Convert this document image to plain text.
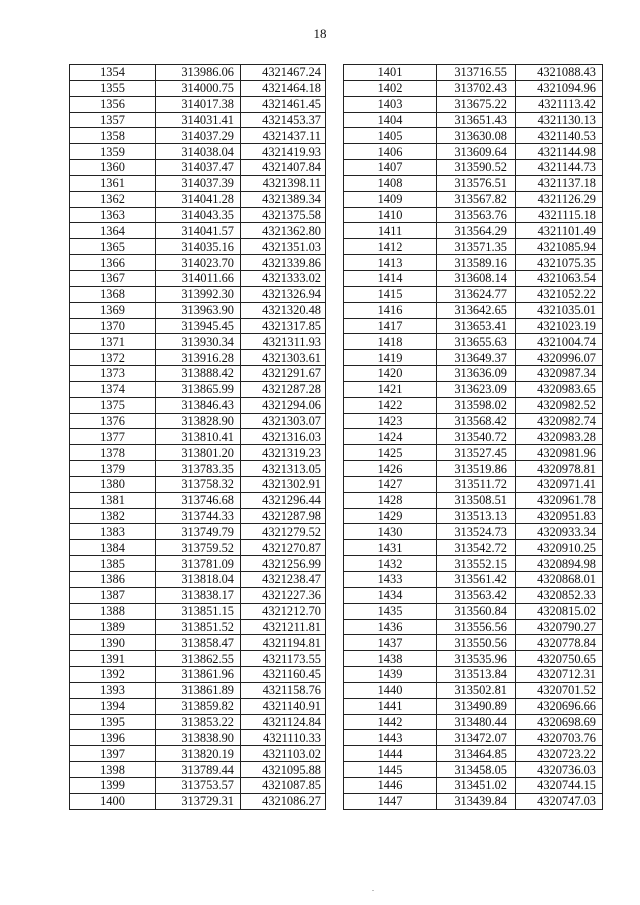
18
1354	313986.06	4321467.24
1355	314000.75	4321464.18
1356	314017.38	4321461.45
1357	314031.41	4321453.37
1358	314037.29	4321437.11
1359	314038.04	4321419.93
1360	314037.47	4321407.84
1361	314037.39	4321398.11
1362	314041.28	4321389.34
1363	314043.35	4321375.58
1364	314041.57	4321362.80
1365	314035.16	4321351.03
1366	314023.70	4321339.86
1367	314011.66	4321333.02
1368	313992.30	4321326.94
1369	313963.90	4321320.48
1370	313945.45	4321317.85
1371	313930.34	4321311.93
1372	313916.28	4321303.61
1373	313888.42	4321291.67
1374	313865.99	4321287.28
1375	313846.43	4321294.06
1376	313828.90	4321303.07
1377	313810.41	4321316.03
1378	313801.20	4321319.23
1379	313783.35	4321313.05
1380	313758.32	4321302.91
1381	313746.68	4321296.44
1382	313744.33	4321287.98
1383	313749.79	4321279.52
1384	313759.52	4321270.87
1385	313781.09	4321256.99
1386	313818.04	4321238.47
1387	313838.17	4321227.36
1388	313851.15	4321212.70
1389	313851.52	4321211.81
1390	313858.47	4321194.81
1391	313862.55	4321173.55
1392	313861.96	4321160.45
1393	313861.89	4321158.76
1394	313859.82	4321140.91
1395	313853.22	4321124.84
1396	313838.90	4321110.33
1397	313820.19	4321103.02
1398	313789.44	4321095.88
1399	313753.57	4321087.85
1400	313729.31	4321086.27
1401	313716.55	4321088.43
1402	313702.43	4321094.96
1403	313675.22	4321113.42
1404	313651.43	4321130.13
1405	313630.08	4321140.53
1406	313609.64	4321144.98
1407	313590.52	4321144.73
1408	313576.51	4321137.18
1409	313567.82	4321126.29
1410	313563.76	4321115.18
1411	313564.29	4321101.49
1412	313571.35	4321085.94
1413	313589.16	4321075.35
1414	313608.14	4321063.54
1415	313624.77	4321052.22
1416	313642.65	4321035.01
1417	313653.41	4321023.19
1418	313655.63	4321004.74
1419	313649.37	4320996.07
1420	313636.09	4320987.34
1421	313623.09	4320983.65
1422	313598.02	4320982.52
1423	313568.42	4320982.74
1424	313540.72	4320983.28
1425	313527.45	4320981.96
1426	313519.86	4320978.81
1427	313511.72	4320971.41
1428	313508.51	4320961.78
1429	313513.13	4320951.83
1430	313524.73	4320933.34
1431	313542.72	4320910.25
1432	313552.15	4320894.98
1433	313561.42	4320868.01
1434	313563.42	4320852.33
1435	313560.84	4320815.02
1436	313556.56	4320790.27
1437	313550.56	4320778.84
1438	313535.96	4320750.65
1439	313513.84	4320712.31
1440	313502.81	4320701.52
1441	313490.89	4320696.66
1442	313480.44	4320698.69
1443	313472.07	4320703.76
1444	313464.85	4320723.22
1445	313458.05	4320736.03
1446	313451.02	4320744.15
1447	313439.84	4320747.03
.
